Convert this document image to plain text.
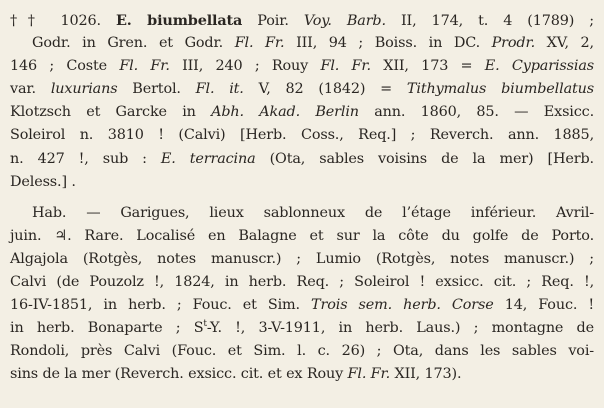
†† 1026. E. biumbellata Poir. Voy. Barb. II, 174, t. 4 (1789) ;
Godr. in Gren. et Godr. Fl. Fr. III, 94 ; Boiss. in DC. Prodr. XV, 2,
146 ; Coste Fl. Fr. III, 240 ; Rouy Fl. Fr. XII, 173 = E. Cyparissias
var. luxurians Bertol. Fl. it. V, 82 (1842) = Tithymalus biumbellatus
Klotzsch et Garcke in Abh. Akad. Berlin ann. 1860, 85. — Exsicc.
Soleirol n. 3810 ! (Calvi) [Herb. Coss., Req.] ; Reverch. ann. 1885,
n. 427 !, sub : E. terracina (Ota, sables voisins de la mer) [Herb.
Deless.] .
Hab. — Garigues, lieux sablonneux de l’étage inférieur. Avril-
juin. ♃. Rare. Localisé en Balagne et sur la côte du golfe de Porto.
Algajola (Rotgès, notes manuscr.) ; Lumio (Rotgès, notes manuscr.) ;
Calvi (de Pouzolz !, 1824, in herb. Req. ; Soleirol ! exsicc. cit. ; Req. !,
16-IV-1851, in herb. ; Fouc. et Sim. Trois sem. herb. Corse 14, Fouc. !
in herb. Bonaparte ; $S^t-Y$. !, 3-V-1911, in herb. Laus.) ; montagne de
Rondoli, près Calvi (Fouc. et Sim. l. c. 26) ; Ota, dans les sables voi-
sins de la mer (Reverch. exsicc. cit. et ex Rouy Fl. Fr. XII, 173).
